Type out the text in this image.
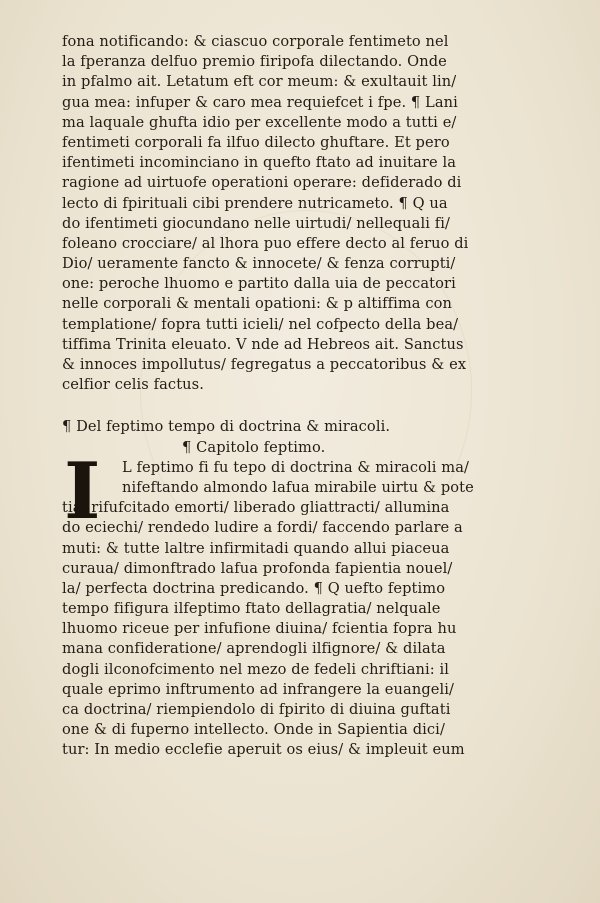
fona notificando: & ciascuo corporale fentimeto nel
la fperanza delfuo premio firipofa dilectando. Onde
in pfalmo ait. Letatum eft cor meum: & exultauit lin/
gua mea: infuper & caro mea requiefcet i fpe. ¶ Lani
ma laquale ghufta idio per excellente modo a tutti e/
fentimeti corporali fa ilfuo dilecto ghuftare. Et pero
ifentimeti incominciano in quefto ftato ad inuitare la
ragione ad uirtuofe operationi operare: defiderado di
lecto di fpirituali cibi prendere nutricameto. ¶ Q ua
do ifentimeti giocundano nelle uirtudi/ nellequali fi/
foleano crocciare/ al lhora puo effere decto al feruo di
Dio/ ueramente fancto & innocete/ & fenza corrupti/
one: peroche lhuomo e partito dalla uia de peccatori
nelle corporali & mentali opationi: & p altiffima con
templatione/ fopra tutti icieli/ nel cofpecto della bea/
tiffima Trinita eleuato. V nde ad Hebreos ait. Sanctus
& innoces impollutus/ fegregatus a peccatoribus & ex
celfior celis factus.
¶ Del feptimo tempo di doctrina & miracoli.
¶ Capitolo feptimo.
I	L feptimo fi fu tepo di doctrina & miracoli ma/
nifeftando almondo lafua mirabile uirtu & pote
tia/ rifufcitado emorti/ liberado gliattracti/ allumina
do eciechi/ rendedo ludire a fordi/ faccendo parlare a
muti: & tutte laltre infirmitadi quando allui piaceua
curaua/ dimonftrado lafua profonda fapientia nouel/
la/ perfecta doctrina predicando. ¶ Q uefto feptimo
tempo fifigura ilfeptimo ftato dellagratia/ nelquale
lhuomo riceue per infufione diuina/ fcientia fopra hu
mana confideratione/ aprendogli ilfignore/ & dilata
dogli ilconofcimento nel mezo de fedeli chriftiani: il
quale eprimo inftrumento ad infrangere la euangeli/
ca doctrina/ riempiendolo di fpirito di diuina guftati
one & di fuperno intellecto. Onde in Sapientia dici/
tur: In medio ecclefie aperuit os eius/ & impleuit eum
